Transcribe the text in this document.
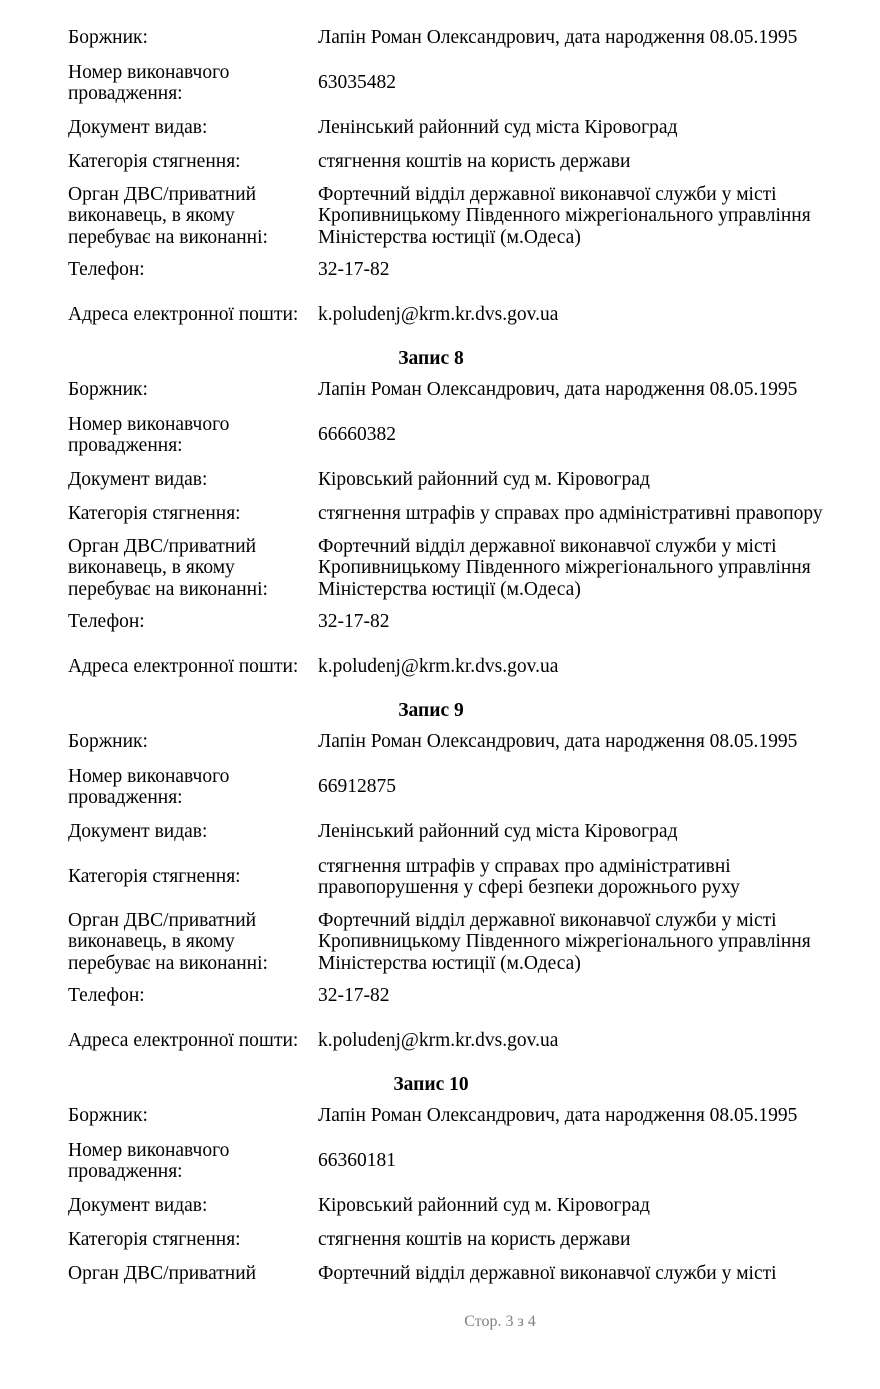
Боржник:	Лапін Роман Олександрович, дата народження 08.05.1995
Номер виконавчого провадження:
63035482
Документ видав:	Ленінський районний суд міста Кіровоград
Категорія стягнення:	стягнення коштів на користь держави
Орган ДВС/приватний виконавець, в якому перебуває на виконанні:
Фортечний відділ державної виконавчої служби у місті Кропивницькому Південного міжрегіонального управління Міністерства юстиції (м.Одеса)
Телефон:	32-17-82
Адреса електронної пошти:	k.poludenj@krm.kr.dvs.gov.ua
Запис 8
Боржник:	Лапін Роман Олександрович, дата народження 08.05.1995
Номер виконавчого провадження:
66660382
Документ видав:	Кіровський районний суд м. Кіровоград
Категорія стягнення:	стягнення штрафів у справах про адміністративні правопору
Орган ДВС/приватний виконавець, в якому перебуває на виконанні:
Фортечний відділ державної виконавчої служби у місті Кропивницькому Південного міжрегіонального управління Міністерства юстиції (м.Одеса)
Телефон:	32-17-82
Адреса електронної пошти:	k.poludenj@krm.kr.dvs.gov.ua
Запис 9
Боржник:	Лапін Роман Олександрович, дата народження 08.05.1995
Номер виконавчого провадження:
66912875
Документ видав:	Ленінський районний суд міста Кіровоград
Категорія стягнення:
стягнення штрафів у справах про адміністративні правопорушення у сфері безпеки дорожнього руху
Орган ДВС/приватний виконавець, в якому перебуває на виконанні:
Фортечний відділ державної виконавчої служби у місті Кропивницькому Південного міжрегіонального управління Міністерства юстиції (м.Одеса)
Телефон:	32-17-82
Адреса електронної пошти:	k.poludenj@krm.kr.dvs.gov.ua
Запис 10
Боржник:	Лапін Роман Олександрович, дата народження 08.05.1995
Номер виконавчого провадження:
66360181
Документ видав:	Кіровський районний суд м. Кіровоград
Категорія стягнення:	стягнення коштів на користь держави
Орган ДВС/приватний	Фортечний відділ державної виконавчої служби у місті
Стор. 3 з 4
